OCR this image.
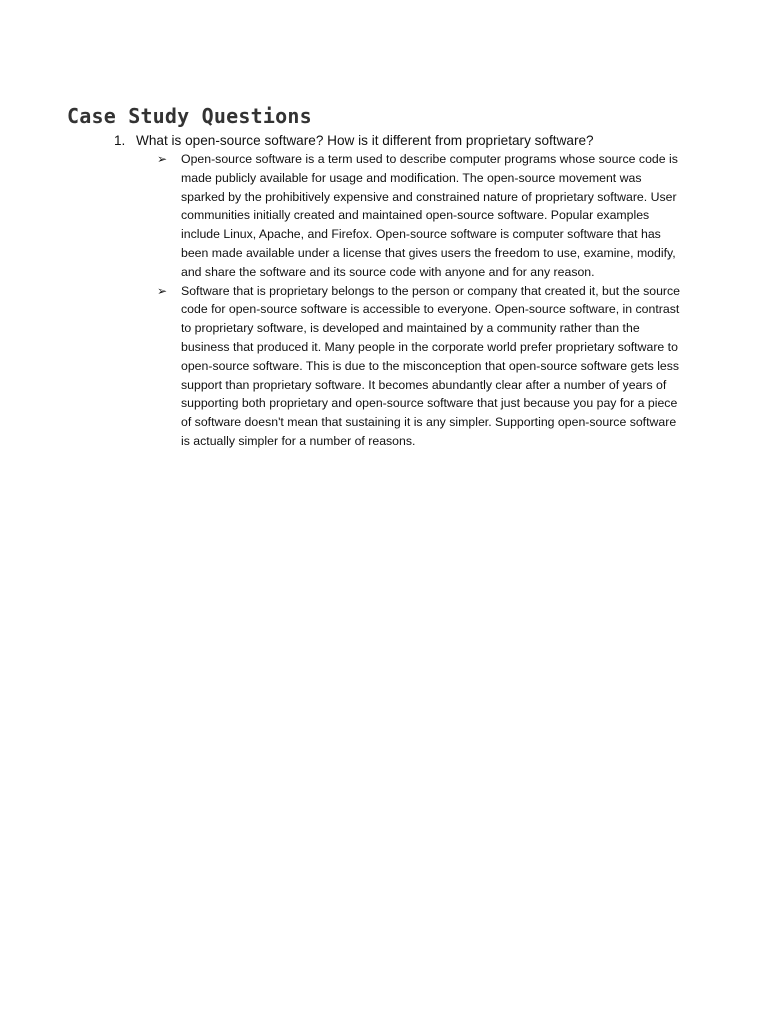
Case Study Questions
1. What is open-source software? How is it different from proprietary software?
➢ Open-source software is a term used to describe computer programs whose source code is made publicly available for usage and modification. The open-source movement was sparked by the prohibitively expensive and constrained nature of proprietary software. User communities initially created and maintained open-source software. Popular examples include Linux, Apache, and Firefox. Open-source software is computer software that has been made available under a license that gives users the freedom to use, examine, modify, and share the software and its source code with anyone and for any reason.
➢ Software that is proprietary belongs to the person or company that created it, but the source code for open-source software is accessible to everyone. Open-source software, in contrast to proprietary software, is developed and maintained by a community rather than the business that produced it. Many people in the corporate world prefer proprietary software to open-source software. This is due to the misconception that open-source software gets less support than proprietary software. It becomes abundantly clear after a number of years of supporting both proprietary and open-source software that just because you pay for a piece of software doesn't mean that sustaining it is any simpler. Supporting open-source software is actually simpler for a number of reasons.
